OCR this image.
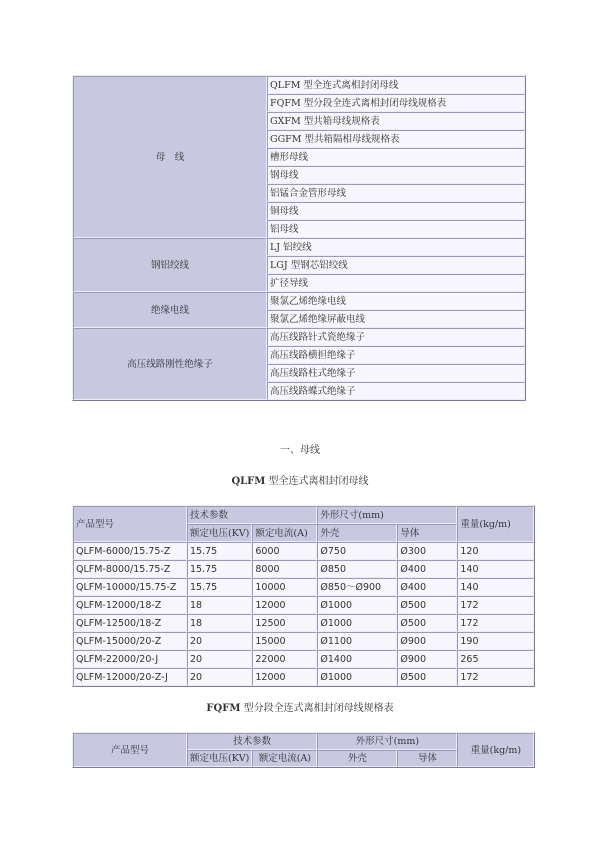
母　线	QLFM 型全连式离相封闭母线
	FQFM 型分段全连式离相封闭母线规格表
	GXFM 型共箱母线规格表
	GGFM 型共箱隔相母线规格表
	槽形母线
	钢母线
	铝锰合金管形母线
	铜母线
	铝母线
钢铝绞线	LJ 铝绞线
	LGJ 型钢芯铝绞线
	扩径导线
绝缘电线	聚氯乙烯绝缘电线
	聚氯乙烯绝缘屏蔽电线
高压线路刚性绝缘子	高压线路针式瓷绝缘子
	高压线路横担绝缘子
	高压线路柱式绝缘子
	高压线路蝶式绝缘子
一、母线
QLFM 型全连式离相封闭母线
产品型号	技术参数		外形尺寸(mm)		重量(kg/m)
	额定电压(KV)	额定电流(A)	外壳	导体	
QLFM-6000/15.75-Z	15.75	6000	Ø750	Ø300	120
QLFM-8000/15.75-Z	15.75	8000	Ø850	Ø400	140
QLFM-10000/15.75-Z	15.75	10000	Ø850～Ø900	Ø400	140
QLFM-12000/18-Z	18	12000	Ø1000	Ø500	172
QLFM-12500/18-Z	18	12500	Ø1000	Ø500	172
QLFM-15000/20-Z	20	15000	Ø1100	Ø900	190
QLFM-22000/20-J	20	22000	Ø1400	Ø900	265
QLFM-12000/20-Z-J	20	12000	Ø1000	Ø500	172
FQFM 型分段全连式离相封闭母线规格表
产品型号	技术参数		外形尺寸(mm)		重量(kg/m)
	额定电压(KV)	额定电流(A)	外壳	导体	
